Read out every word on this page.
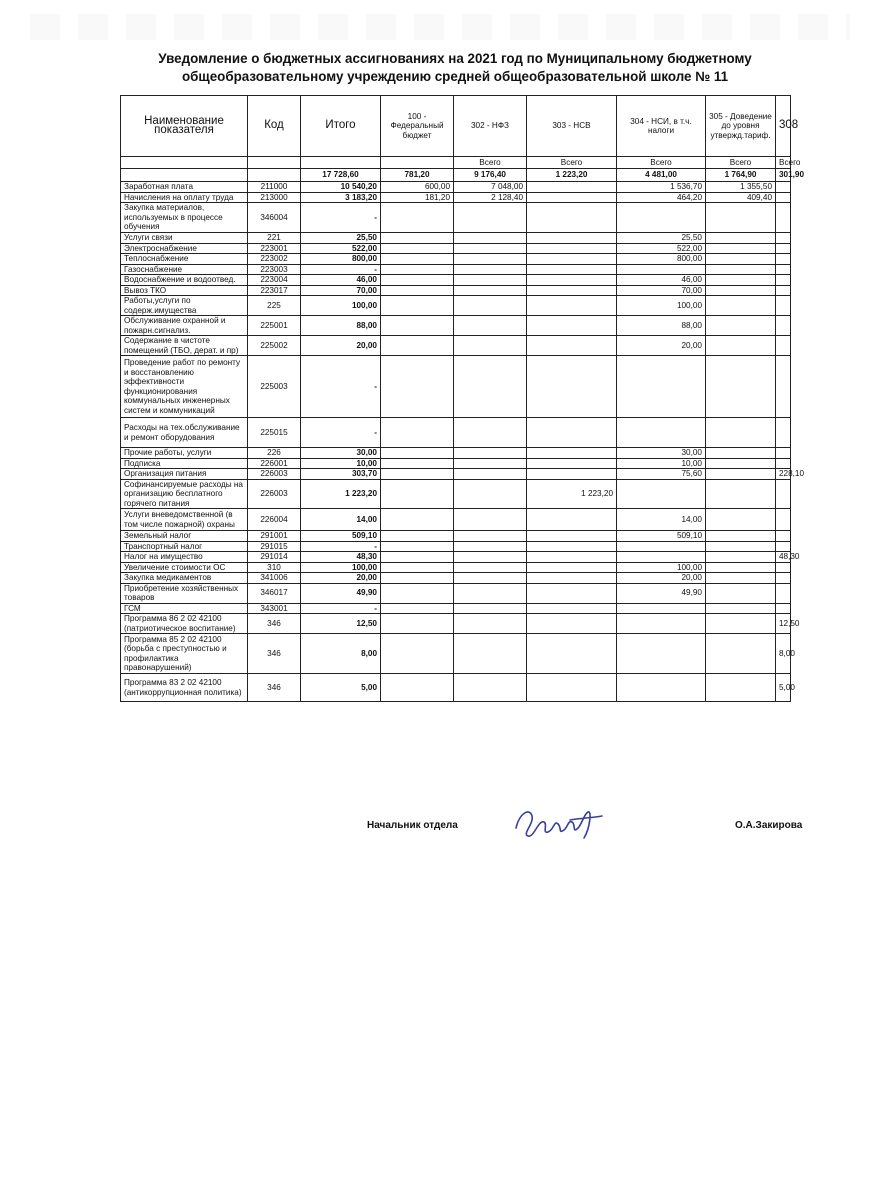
Уведомление о бюджетных ассигнованиях на 2021 год по Муниципальному бюджетному общеобразовательному учреждению средней общеобразовательной школе № 11
Наименование показателя	Код	Итого	100 - Федеральный бюджет	302 - НФЗ	303 - НСВ	304 - НСИ, в т.ч. налоги	305 - Доведение до уровня утвержд.тариф.	308
				Всего	Всего	Всего	Всего	Всего
		17 728,60	781,20	9 176,40	1 223,20	4 481,00	1 764,90	301,90
Заработная плата	211000	10 540,20	600,00	7 048,00		1 536,70	1 355,50	
Начисления на оплату труда	213000	3 183,20	181,20	2 128,40		464,20	409,40	
Закупка материалов, используемых в процессе обучения	346004	-						
Услуги связи	221	25,50				25,50		
Электроснабжение	223001	522,00				522,00		
Теплоснабжение	223002	800,00				800,00		
Газоснабжение	223003	-						
Водоснабжение и водоотвед.	223004	46,00				46,00		
Вывоз ТКО	223017	70,00				70,00		
Работы,услуги по содерж.имущества	225	100,00				100,00		
Обслуживание охранной и пожарн.сигнализ.	225001	88,00				88,00		
Содержание в чистоте помещений (ТБО, дерат. и пр)	225002	20,00				20,00		
Проведение работ по ремонту и восстановлению эффективности функционирования коммунальных инженерных систем и коммуникаций	225003	-						
Расходы на тех.обслуживание и ремонт оборудования	225015	-						
Прочие работы, услуги	226	30,00				30,00		
Подписка	226001	10,00				10,00		
Организация питания	226003	303,70				75,60		228,10
Софинансируемые расходы на организацию бесплатного горячего питания	226003	1 223,20			1 223,20			
Услуги вневедомственной (в том числе пожарной) охраны	226004	14,00				14,00		
Земельный налог	291001	509,10				509,10		
Транспортный налог	291015	-						
Налог на имущество	291014	48,30						48,30
Увеличение стоимости ОС	310	100,00				100,00		
Закупка медикаментов	341006	20,00				20,00		
Приобретение хозяйственных товаров	346017	49,90				49,90		
ГСМ	343001	-						
Программа 86 2 02 42100 (патриотическое воспитание)	346	12,50						12,50
Программа 85 2 02 42100 (борьба с преступностью и профилактика правонарушений)	346	8,00						8,00
Программа 83 2 02 42100 (антикоррупционная политика)	346	5,00						5,00
Начальник отдела	О.А.Закирова
